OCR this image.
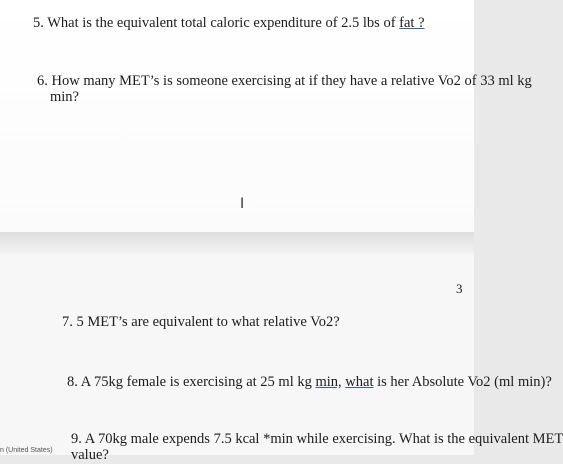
5. What is the equivalent total caloric expenditure of 2.5 lbs of fat ?

6. How many MET’s is someone exercising at if they have a relative Vo2 of 33 ml kg

min?

I
3

7. 5 MET’s are equivalent to what relative Vo2?

8. A 75kg female is exercising at 25 ml kg min, what is her Absolute Vo2 (ml min)?

9. A 70kg male expends 7.5 kcal *min while exercising. What is the equivalent MET

value?

n (United States)
